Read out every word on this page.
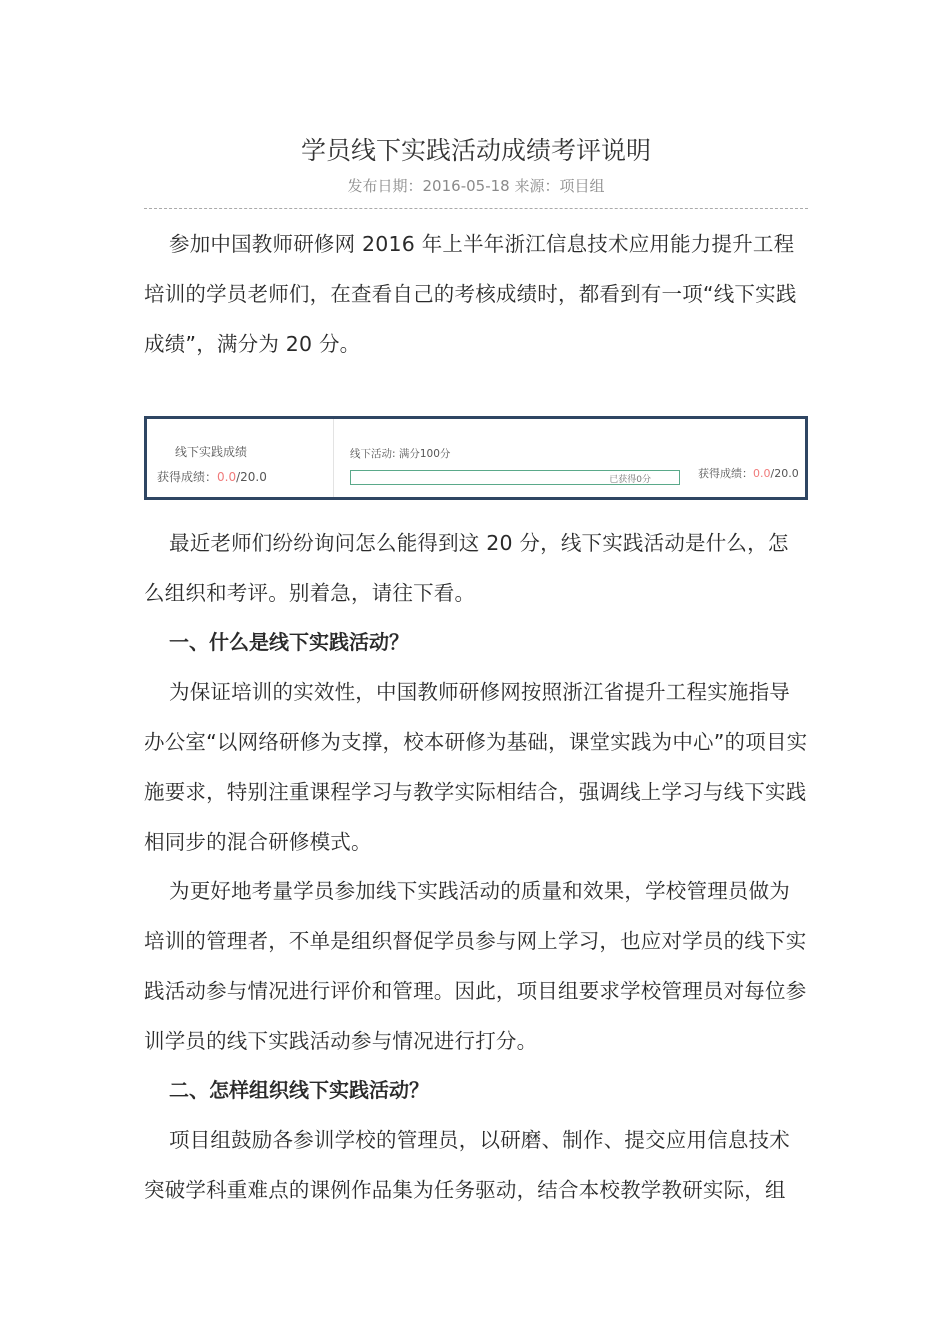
学员线下实践活动成绩考评说明
发布日期：2016-05-18 来源：项目组

参加中国教师研修网 2016 年上半年浙江信息技术应用能力提升工程培训的学员老师们，在查看自己的考核成绩时，都看到有一项“线下实践成绩”，满分为 20 分。

线下实践成绩
获得成绩：0.0/20.0
线下活动: 满分100分
已获得0分	获得成绩：0.0/20.0

最近老师们纷纷询问怎么能得到这 20 分，线下实践活动是什么，怎么组织和考评。别着急，请往下看。

一、什么是线下实践活动？

为保证培训的实效性，中国教师研修网按照浙江省提升工程实施指导办公室“以网络研修为支撑，校本研修为基础，课堂实践为中心”的项目实施要求，特别注重课程学习与教学实际相结合，强调线上学习与线下实践相同步的混合研修模式。

为更好地考量学员参加线下实践活动的质量和效果，学校管理员做为培训的管理者，不单是组织督促学员参与网上学习，也应对学员的线下实践活动参与情况进行评价和管理。因此，项目组要求学校管理员对每位参训学员的线下实践活动参与情况进行打分。

二、怎样组织线下实践活动？

项目组鼓励各参训学校的管理员，以研磨、制作、提交应用信息技术突破学科重难点的课例作品集为任务驱动，结合本校教学教研实际，组
